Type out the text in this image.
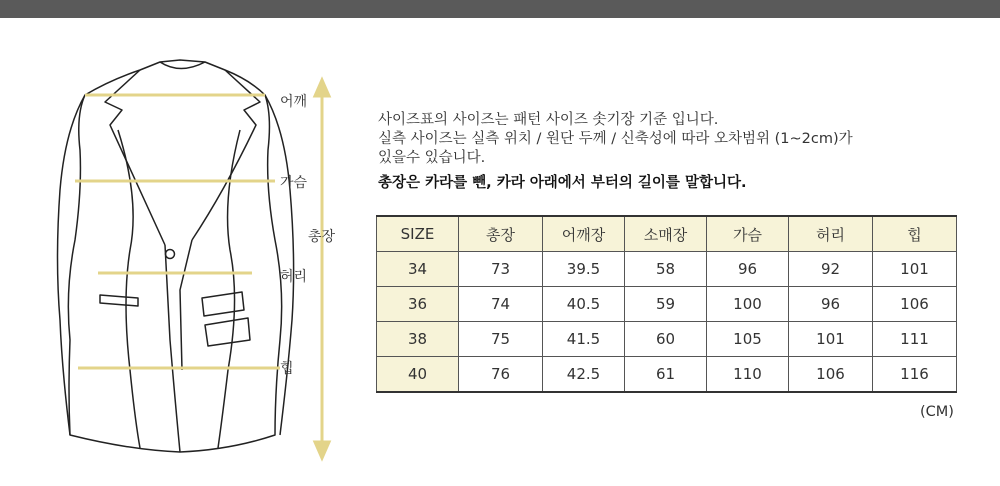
어깨
가슴
총장
허리
힙
사이즈표의 사이즈는 패턴 사이즈 솟기장 기준 입니다.
실측 사이즈는 실측 위치 / 원단 두께 / 신축성에 따라 오차범위 (1~2cm)가
있을수 있습니다.
총장은 카라를 뺀, 카라 아래에서 부터의 길이를 말합니다.
SIZE	총장	어깨장	소매장	가슴	허리	힙
34	73	39.5	58	96	92	101
36	74	40.5	59	100	96	106
38	75	41.5	60	105	101	111
40	76	42.5	61	110	106	116
(CM)
